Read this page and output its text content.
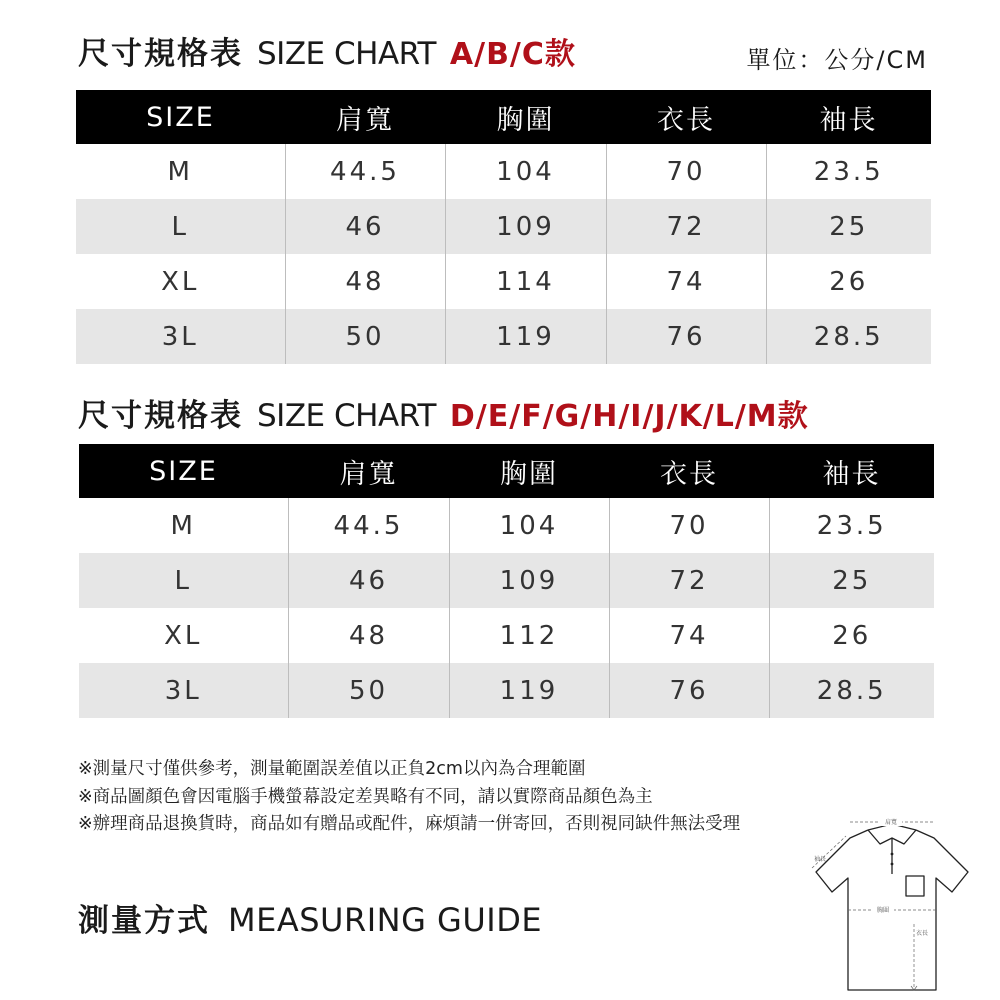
尺寸規格表 SIZE CHART A/B/C款	單位：公分/CM
SIZE	肩寬	胸圍	衣長	袖長
M	44.5	104	70	23.5
L	46	109	72	25
XL	48	114	74	26
3L	50	119	76	28.5
尺寸規格表 SIZE CHART D/E/F/G/H/I/J/K/L/M款
SIZE	肩寬	胸圍	衣長	袖長
M	44.5	104	70	23.5
L	46	109	72	25
XL	48	112	74	26
3L	50	119	76	28.5
※測量尺寸僅供參考，測量範圍誤差值以正負2cm以內為合理範圍
※商品圖顏色會因電腦手機螢幕設定差異略有不同，請以實際商品顏色為主
※辦理商品退換貨時，商品如有贈品或配件，麻煩請一併寄回，否則視同缺件無法受理
測量方式 MEASURING GUIDE
肩寬
袖長
胸圍
衣長
